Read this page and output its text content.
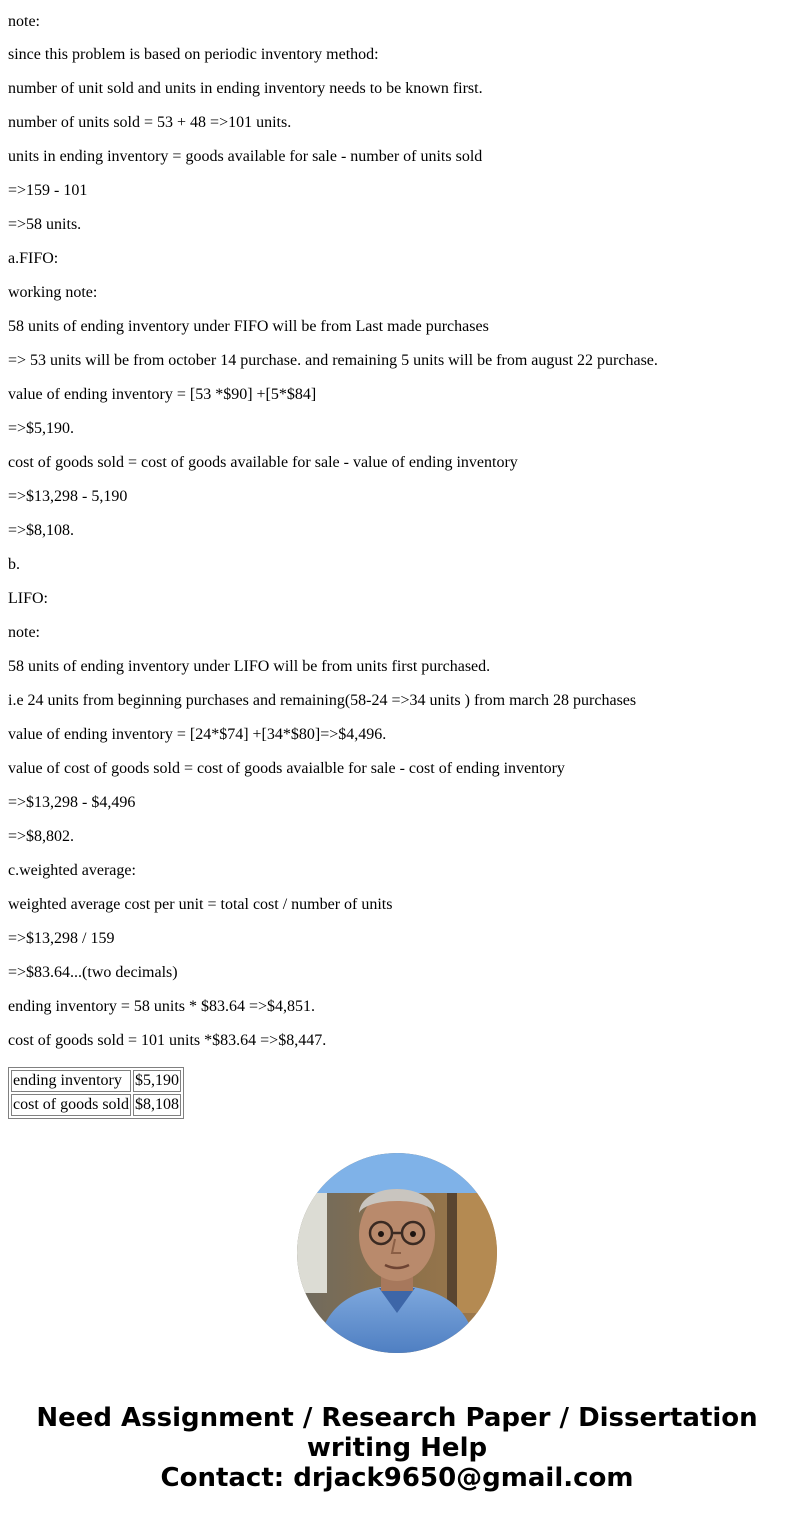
note:

since this problem is based on periodic inventory method:

number of unit sold and units in ending inventory needs to be known first.

number of units sold = 53 + 48 =>101 units.

units in ending inventory = goods available for sale - number of units sold

=>159 - 101

=>58 units.

a.FIFO:

working note:

58 units of ending inventory under FIFO will be from Last made purchases

=> 53 units will be from october 14 purchase. and remaining 5 units will be from august 22 purchase.

value of ending inventory = [53 *$90] +[5*$84]

=>$5,190.

cost of goods sold = cost of goods available for sale - value of ending inventory

=>$13,298 - 5,190

=>$8,108.

b.

LIFO:

note:

58 units of ending inventory under LIFO will be from units first purchased.

i.e 24 units from beginning purchases and remaining(58-24 =>34 units ) from march 28 purchases

value of ending inventory = [24*$74] +[34*$80]=>$4,496.

value of cost of goods sold = cost of goods avaialble for sale - cost of ending inventory

=>$13,298 - $4,496

=>$8,802.

c.weighted average:

weighted average cost per unit = total cost / number of units

=>$13,298 / 159

=>$83.64...(two decimals)

ending inventory = 58 units * $83.64 =>$4,851.

cost of goods sold = 101 units *$83.64 =>$8,447.

ending inventory	$5,190
cost of goods sold	$8,108
Need Assignment / Research Paper / Dissertation
writing Help
Contact: drjack9650@gmail.com
